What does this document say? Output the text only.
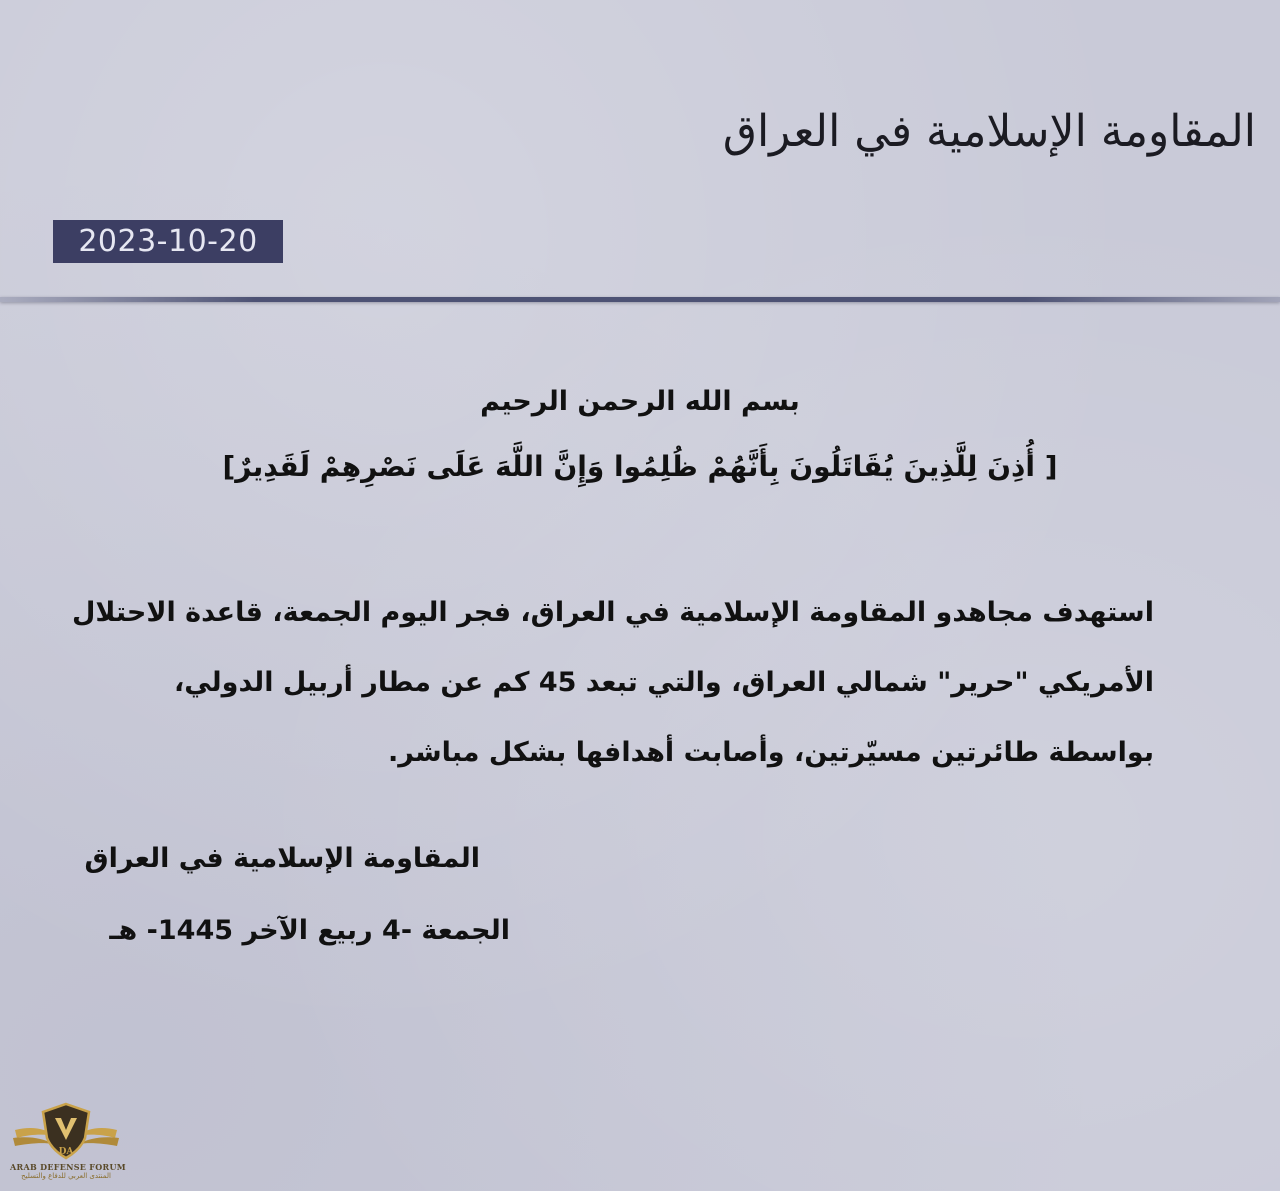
المقاومة الإسلامية في العراق
2023-10-20
بسم الله الرحمن الرحيم
[ أُذِنَ لِلَّذِينَ يُقَاتَلُونَ بِأَنَّهُمْ ظُلِمُوا وَإِنَّ اللَّهَ عَلَى نَصْرِهِمْ لَقَدِيرٌ]

استهدف مجاهدو المقاومة الإسلامية في العراق، فجر اليوم الجمعة، قاعدة الاحتلال

الأمريكي "حرير" شمالي العراق، والتي تبعد 45 كم عن مطار أربيل الدولي،

بواسطة طائرتين مسيّرتين، وأصابت أهدافها بشكل مباشر.

المقاومة الإسلامية في العراق
الجمعة -4 ربيع الآخر 1445- هـ
DA
ARAB DEFENSE FORUM
المنتدى العربي للدفاع والتسليح
